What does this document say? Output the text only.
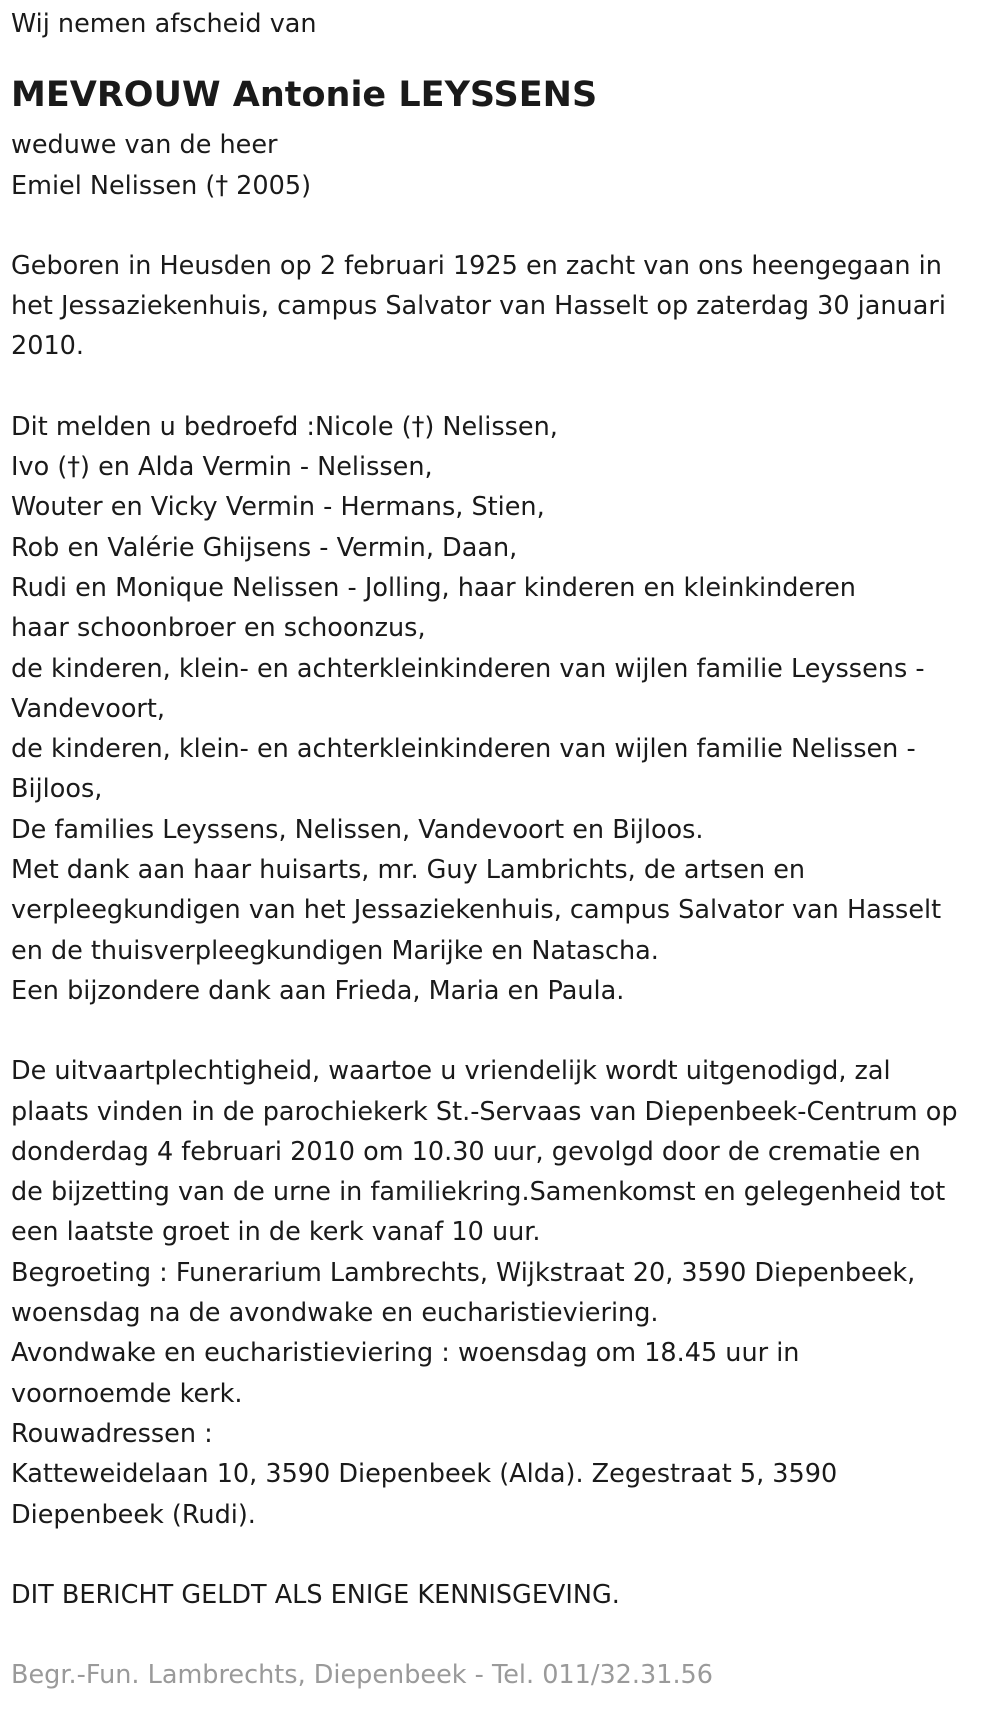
Wij nemen afscheid van

MEVROUW Antonie LEYSSENS

weduwe van de heer

Emiel Nelissen († 2005)

Geboren in Heusden op 2 februari 1925 en zacht van ons heengegaan in

het Jessaziekenhuis, campus Salvator van Hasselt op zaterdag 30 januari

2010.

Dit melden u bedroefd :Nicole (†) Nelissen,

Ivo (†) en Alda Vermin - Nelissen,

Wouter en Vicky Vermin - Hermans, Stien,

Rob en Valérie Ghijsens - Vermin, Daan,

Rudi en Monique Nelissen - Jolling, haar kinderen en kleinkinderen

haar schoonbroer en schoonzus,

de kinderen, klein- en achterkleinkinderen van wijlen familie Leyssens -

Vandevoort,

de kinderen, klein- en achterkleinkinderen van wijlen familie Nelissen -

Bijloos,

De families Leyssens, Nelissen, Vandevoort en Bijloos.

Met dank aan haar huisarts, mr. Guy Lambrichts, de artsen en

verpleegkundigen van het Jessaziekenhuis, campus Salvator van Hasselt

en de thuisverpleegkundigen Marijke en Natascha.

Een bijzondere dank aan Frieda, Maria en Paula.

De uitvaartplechtigheid, waartoe u vriendelijk wordt uitgenodigd, zal

plaats vinden in de parochiekerk St.-Servaas van Diepenbeek-Centrum op

donderdag 4 februari 2010 om 10.30 uur, gevolgd door de crematie en

de bijzetting van de urne in familiekring.Samenkomst en gelegenheid tot

een laatste groet in de kerk vanaf 10 uur.

Begroeting : Funerarium Lambrechts, Wijkstraat 20, 3590 Diepenbeek,

woensdag na de avondwake en eucharistieviering.

Avondwake en eucharistieviering : woensdag om 18.45 uur in

voornoemde kerk.

Rouwadressen :

Katteweidelaan 10, 3590 Diepenbeek (Alda). Zegestraat 5, 3590

Diepenbeek (Rudi).

DIT BERICHT GELDT ALS ENIGE KENNISGEVING.

Begr.-Fun. Lambrechts, Diepenbeek - Tel. 011/32.31.56
